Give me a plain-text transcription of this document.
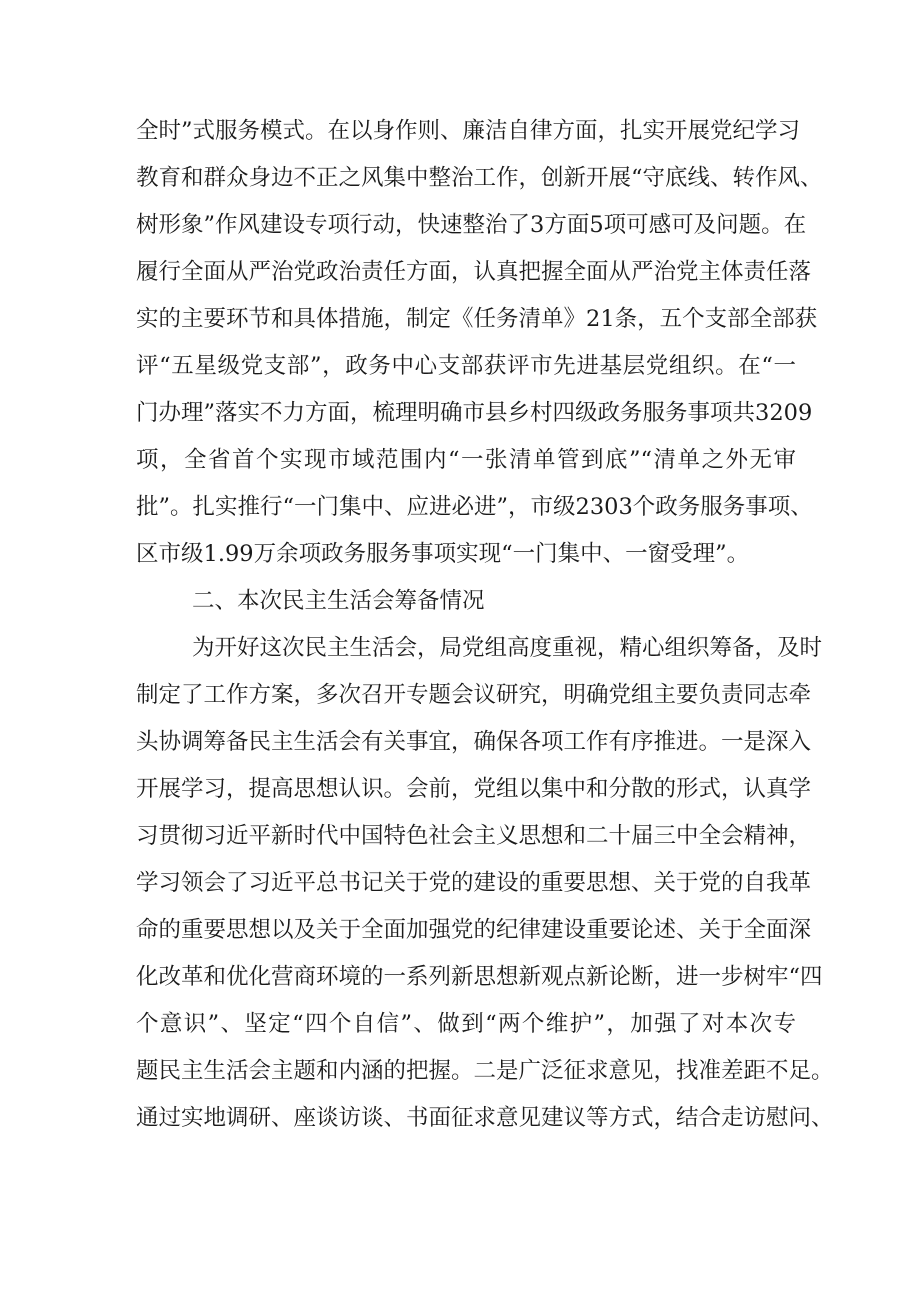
全时”式服务模式。在以身作则、廉洁自律方面，扎实开展党纪学习
教育和群众身边不正之风集中整治工作，创新开展“守底线、转作风、
树形象”作风建设专项行动，快速整治了3方面5项可感可及问题。在
履行全面从严治党政治责任方面，认真把握全面从严治党主体责任落
实的主要环节和具体措施，制定《任务清单》21条，五个支部全部获
评“五星级党支部”，政务中心支部获评市先进基层党组织。在“一
门办理”落实不力方面，梳理明确市县乡村四级政务服务事项共3209
项，全省首个实现市域范围内“一张清单管到底”“清单之外无审
批”。扎实推行“一门集中、应进必进”，市级2303个政务服务事项、
区市级1.99万余项政务服务事项实现“一门集中、一窗受理”。
二、本次民主生活会筹备情况
为开好这次民主生活会，局党组高度重视，精心组织筹备，及时
制定了工作方案，多次召开专题会议研究，明确党组主要负责同志牵
头协调筹备民主生活会有关事宜，确保各项工作有序推进。一是深入
开展学习，提高思想认识。会前，党组以集中和分散的形式，认真学
习贯彻习近平新时代中国特色社会主义思想和二十届三中全会精神，
学习领会了习近平总书记关于党的建设的重要思想、关于党的自我革
命的重要思想以及关于全面加强党的纪律建设重要论述、关于全面深
化改革和优化营商环境的一系列新思想新观点新论断，进一步树牢“四
个意识”、坚定“四个自信”、做到“两个维护”，加强了对本次专
题民主生活会主题和内涵的把握。二是广泛征求意见，找准差距不足。
通过实地调研、座谈访谈、书面征求意见建议等方式，结合走访慰问、
